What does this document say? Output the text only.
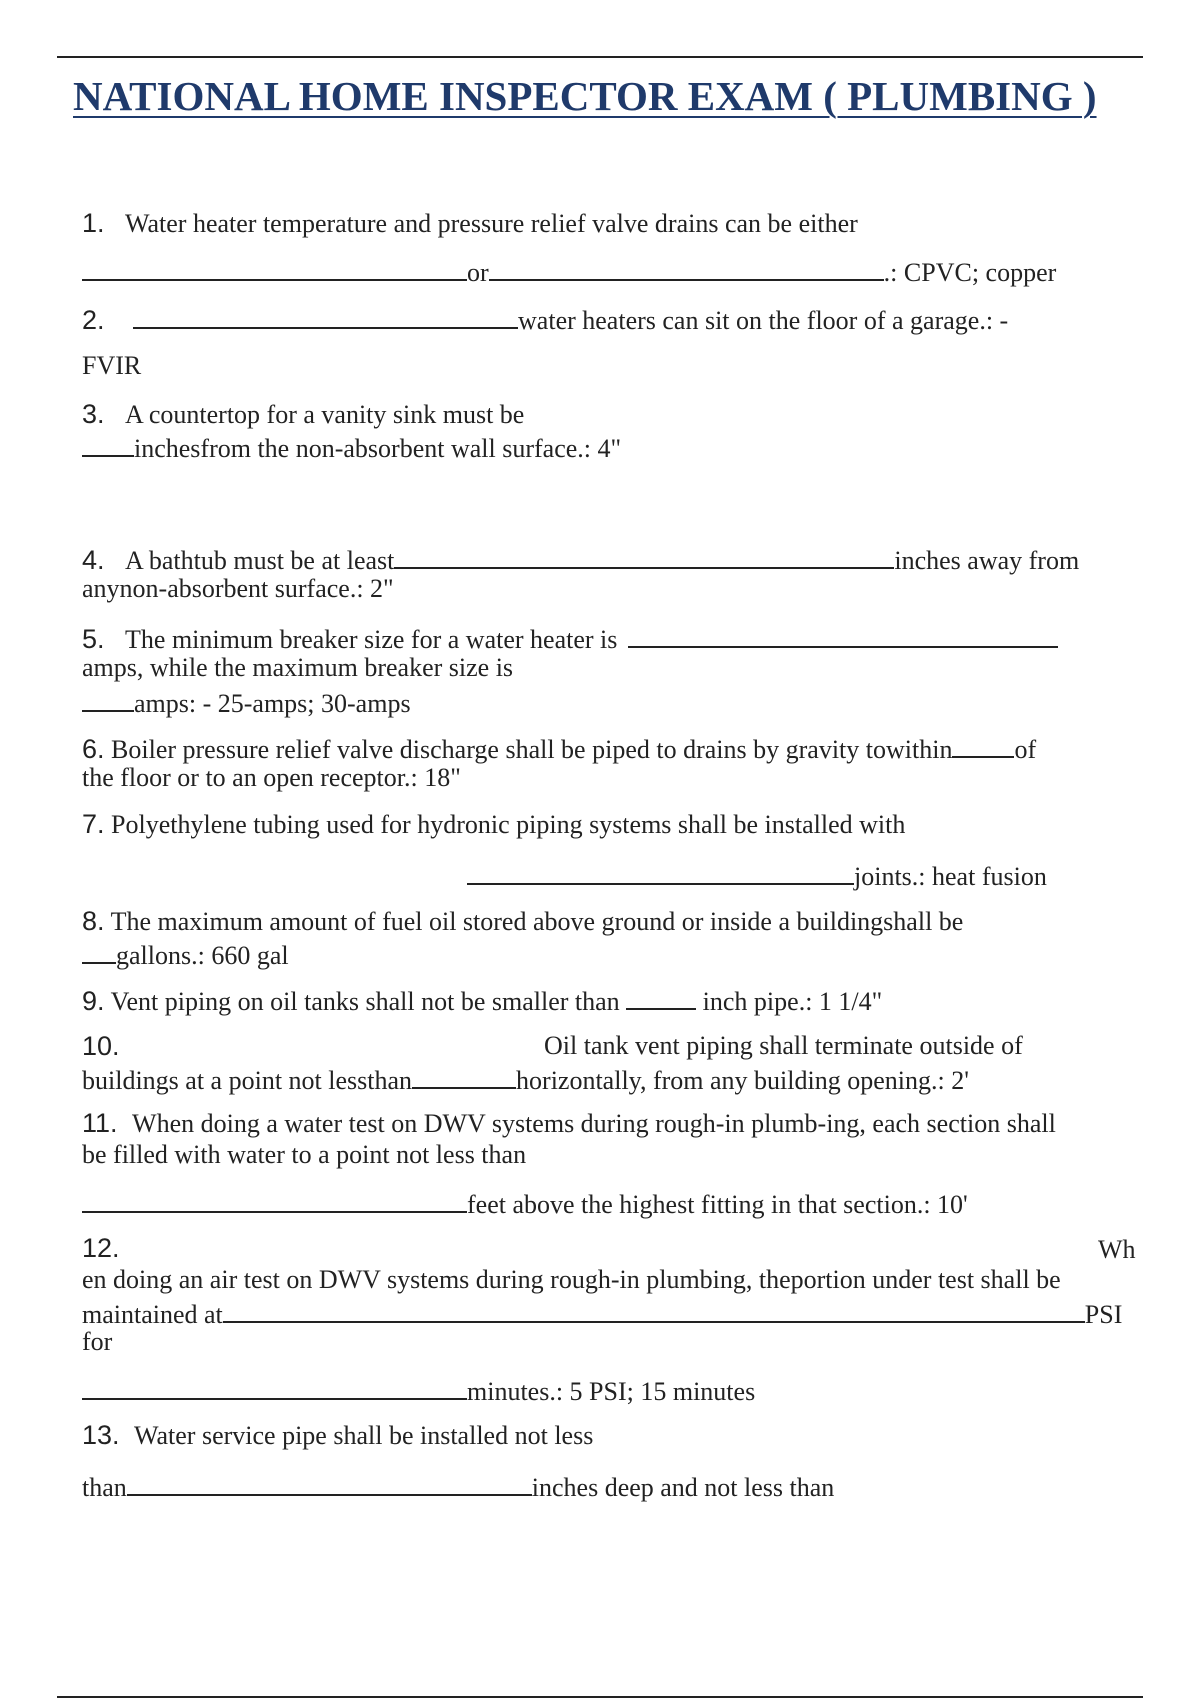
NATIONAL HOME INSPECTOR EXAM ( PLUMBING )
1. Water heater temperature and pressure relief valve drains can be either
or	.: CPVC; copper
2.	water heaters can sit on the floor of a garage.: -
FVIR
3. A countertop for a vanity sink must be
inchesfrom the non-absorbent wall surface.: 4"
4. A bathtub must be at least	inches away from
anynon-absorbent surface.: 2"
5. The minimum breaker size for a water heater is
amps, while the maximum breaker size is
amps: - 25-amps; 30-amps
6. Boiler pressure relief valve discharge shall be piped to drains by gravity towithin of
the floor or to an open receptor.: 18"
7. Polyethylene tubing used for hydronic piping systems shall be installed with
joints.: heat fusion
8. The maximum amount of fuel oil stored above ground or inside a buildingshall be
gallons.: 660 gal
9. Vent piping on oil tanks shall not be smaller than	inch pipe.: 1 1/4"
10.	Oil tank vent piping shall terminate outside of
buildings at a point not lessthan	horizontally, from any building opening.: 2'
11. When doing a water test on DWV systems during rough-in plumb-ing, each section shall
be filled with water to a point not less than
feet above the highest fitting in that section.: 10'
12.	Wh
en doing an air test on DWV systems during rough-in plumbing, theportion under test shall be
maintained at	PSI
for
minutes.: 5 PSI; 15 minutes
13. Water service pipe shall be installed not less
than	inches deep and not less than
